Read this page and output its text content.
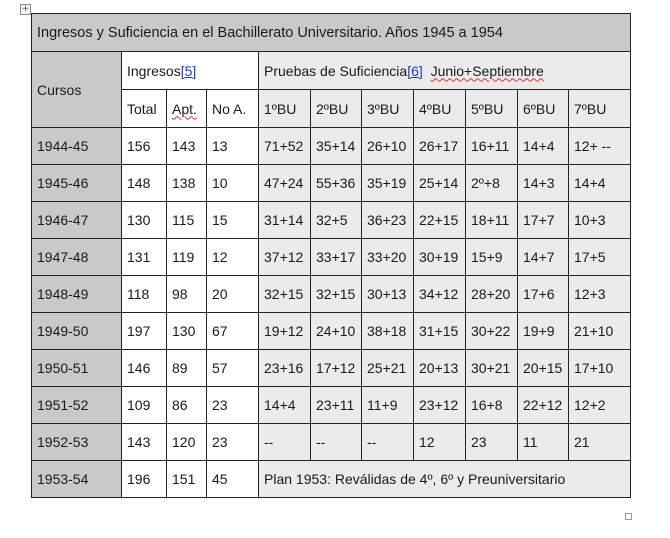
+
Ingresos y Suficiencia en el Bachillerato Universitario. Años 1945 a 1954										
Cursos	Ingresos[5]			Pruebas de Suficiencia[6] Junio+Septiembre						
	Total	Apt.	No A.	1ºBU	2ºBU	3ºBU	4ºBU	5ºBU	6ºBU	7ºBU
1944-45	156	143	13	71+52	35+14	26+10	26+17	16+11	14+4	12+ --
1945-46	148	138	10	47+24	55+36	35+19	25+14	2º+8	14+3	14+4
1946-47	130	115	15	31+14	32+5	36+23	22+15	18+11	17+7	10+3
1947-48	131	119	12	37+12	33+17	33+20	30+19	15+9	14+7	17+5
1948-49	118	98	20	32+15	32+15	30+13	34+12	28+20	17+6	12+3
1949-50	197	130	67	19+12	24+10	38+18	31+15	30+22	19+9	21+10
1950-51	146	89	57	23+16	17+12	25+21	20+13	30+21	20+15	17+10
1951-52	109	86	23	14+4	23+11	11+9	23+12	16+8	22+12	12+2
1952-53	143	120	23	--	--	--	12	23	11	21
1953-54	196	151	45	Plan 1953: Reválidas de 4º, 6º y Preuniversitario						
